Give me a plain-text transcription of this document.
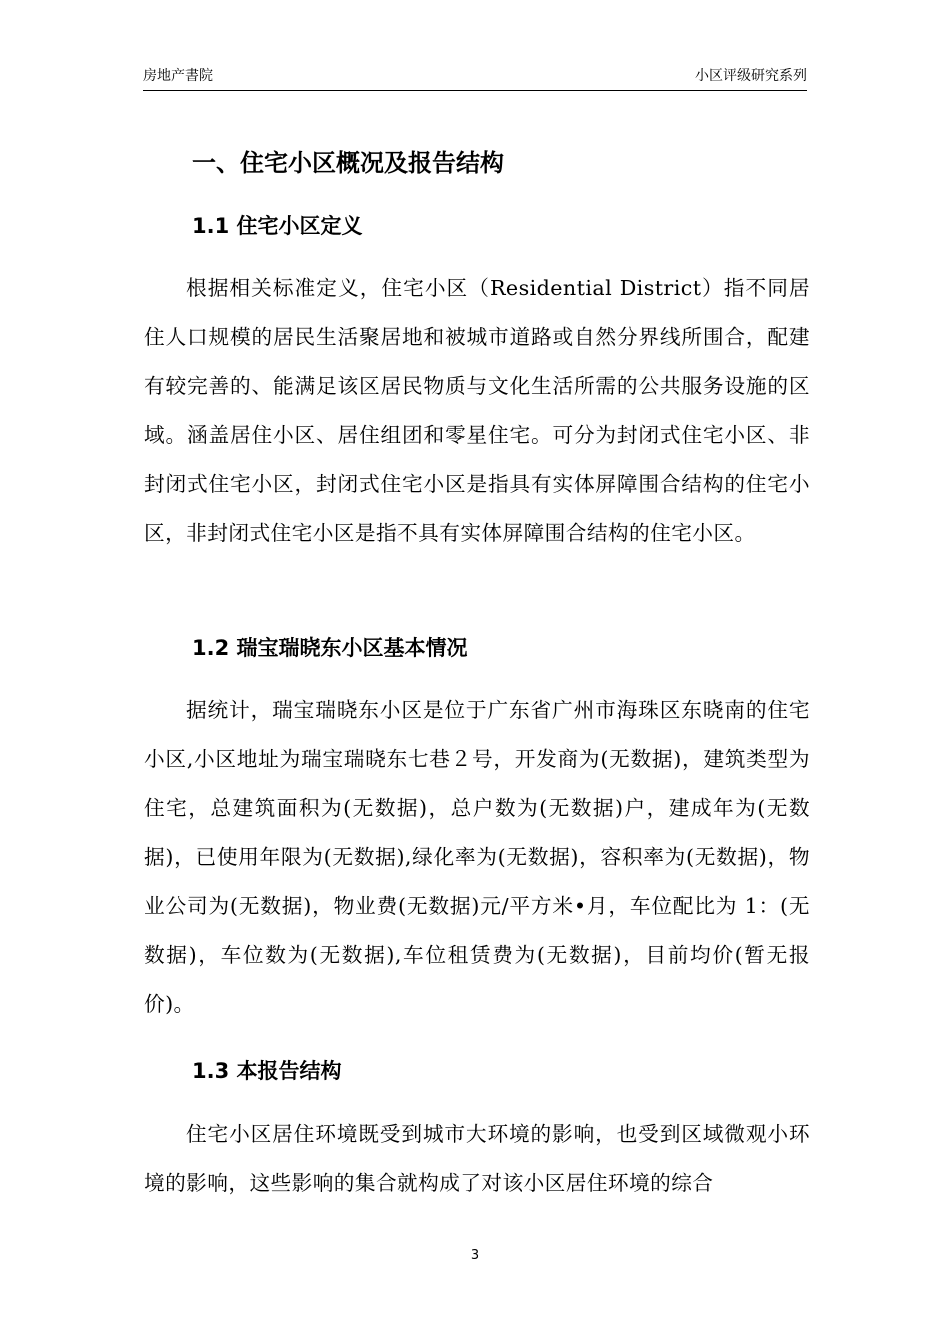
房地产書院	小区评级研究系列
一、住宅小区概况及报告结构
1.1 住宅小区定义

根据相关标准定义，住宅小区（Residential District）指不同居住人口规模的居民生活聚居地和被城市道路或自然分界线所围合，配建有较完善的、能满足该区居民物质与文化生活所需的公共服务设施的区域。涵盖居住小区、居住组团和零星住宅。可分为封闭式住宅小区、非封闭式住宅小区，封闭式住宅小区是指具有实体屏障围合结构的住宅小区，非封闭式住宅小区是指不具有实体屏障围合结构的住宅小区。

1.2 瑞宝瑞晓东小区基本情况

据统计，瑞宝瑞晓东小区是位于广东省广州市海珠区东晓南的住宅小区,小区地址为瑞宝瑞晓东七巷２号，开发商为(无数据)，建筑类型为住宅，总建筑面积为(无数据)，总户数为(无数据)户，建成年为(无数据)，已使用年限为(无数据),绿化率为(无数据)，容积率为(无数据)，物业公司为(无数据)，物业费(无数据)元/平方米•月，车位配比为 1：(无数据)，车位数为(无数据),车位租赁费为(无数据)，目前均价(暂无报价)。

1.3 本报告结构

住宅小区居住环境既受到城市大环境的影响，也受到区域微观小环境的影响，这些影响的集合就构成了对该小区居住环境的综合

3
